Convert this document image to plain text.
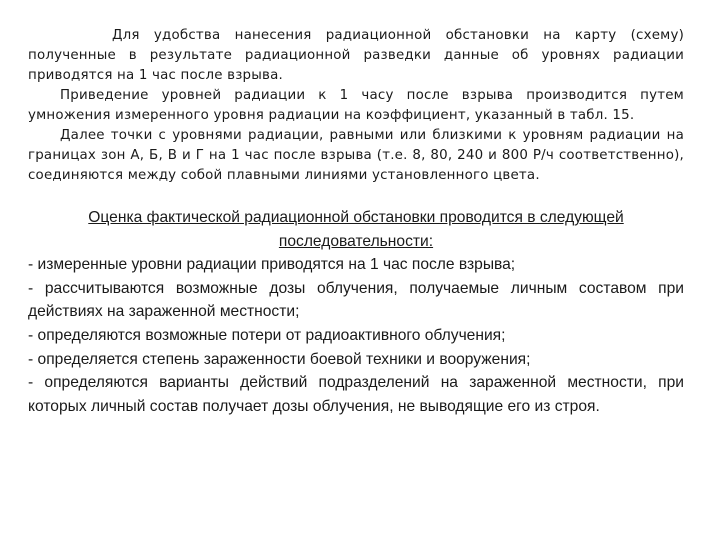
Для удобства нанесения радиационной обстановки на карту (схему) полученные в результате радиационной разведки данные об уровнях радиации приводятся на 1 час после взрыва.

Приведение уровней радиации к 1 часу после взрыва производится путем умножения измеренного уровня радиации на коэффициент, указанный в табл. 15.

Далее точки с уровнями радиации, равными или близкими к уровням радиации на границах зон А, Б, В и Г на 1 час после взрыва (т.е. 8, 80, 240 и 800 Р/ч соответственно), соединяются между собой плавными линиями установленного цвета.

Оценка фактической радиационной обстановки проводится в следующей последовательности:

- измеренные уровни радиации приводятся на 1 час после взрыва;
- рассчитываются возможные дозы облучения, получаемые личным составом при действиях на зараженной местности;
- определяются возможные потери от радиоактивного облучения;
- определяется степень зараженности боевой техники и вооружения;
- определяются варианты действий подразделений на зараженной местности, при которых личный состав получает дозы облучения, не выводящие его из строя.
